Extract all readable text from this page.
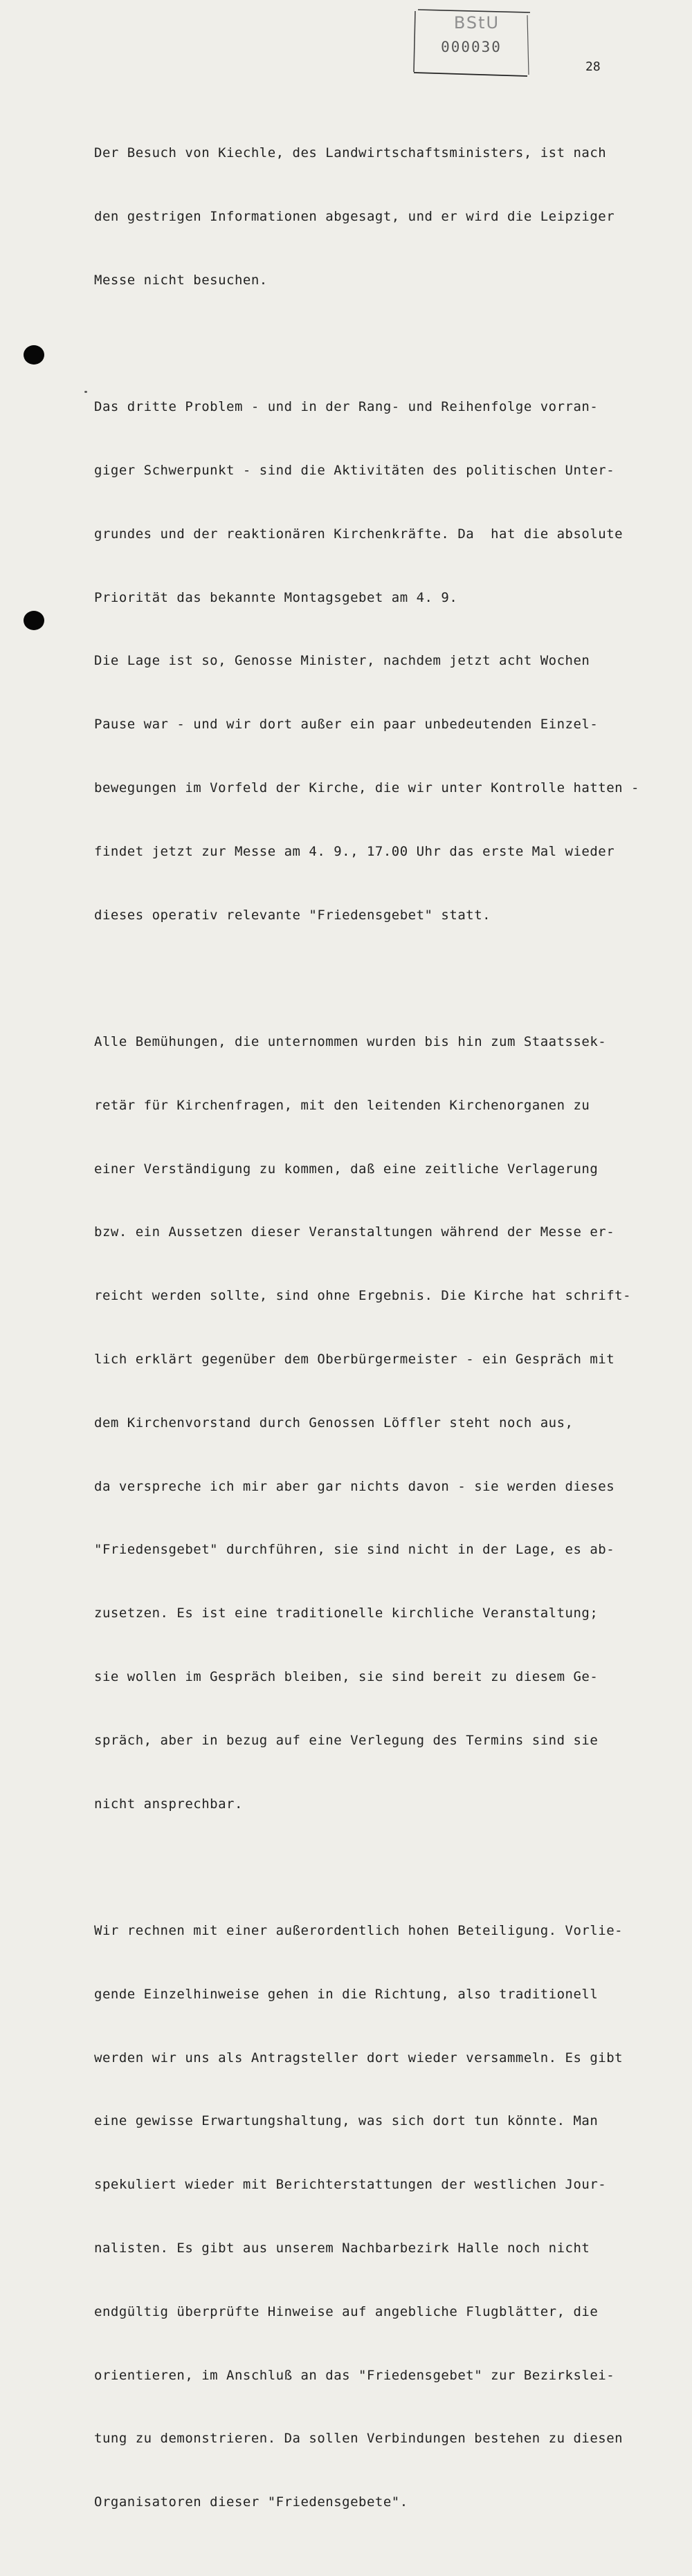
BStU
000030
28

Der Besuch von Kiechle, des Landwirtschaftsministers, ist nach

den gestrigen Informationen abgesagt, und er wird die Leipziger

Messe nicht besuchen.

Das dritte Problem - und in der Rang- und Reihenfolge vorran-

giger Schwerpunkt - sind die Aktivitäten des politischen Unter-

grundes und der reaktionären Kirchenkräfte. Da  hat die absolute

Priorität das bekannte Montagsgebet am 4. 9.

Die Lage ist so, Genosse Minister, nachdem jetzt acht Wochen

Pause war - und wir dort außer ein paar unbedeutenden Einzel-

bewegungen im Vorfeld der Kirche, die wir unter Kontrolle hatten -

findet jetzt zur Messe am 4. 9., 17.00 Uhr das erste Mal wieder

dieses operativ relevante "Friedensgebet" statt.

Alle Bemühungen, die unternommen wurden bis hin zum Staatssek-

retär für Kirchenfragen, mit den leitenden Kirchenorganen zu

einer Verständigung zu kommen, daß eine zeitliche Verlagerung

bzw. ein Aussetzen dieser Veranstaltungen während der Messe er-

reicht werden sollte, sind ohne Ergebnis. Die Kirche hat schrift-

lich erklärt gegenüber dem Oberbürgermeister - ein Gespräch mit

dem Kirchenvorstand durch Genossen Löffler steht noch aus,

da verspreche ich mir aber gar nichts davon - sie werden dieses

"Friedensgebet" durchführen, sie sind nicht in der Lage, es ab-

zusetzen. Es ist eine traditionelle kirchliche Veranstaltung;

sie wollen im Gespräch bleiben, sie sind bereit zu diesem Ge-

spräch, aber in bezug auf eine Verlegung des Termins sind sie

nicht ansprechbar.

Wir rechnen mit einer außerordentlich hohen Beteiligung. Vorlie-

gende Einzelhinweise gehen in die Richtung, also traditionell

werden wir uns als Antragsteller dort wieder versammeln. Es gibt

eine gewisse Erwartungshaltung, was sich dort tun könnte. Man

spekuliert wieder mit Berichterstattungen der westlichen Jour-

nalisten. Es gibt aus unserem Nachbarbezirk Halle noch nicht

endgültig überprüfte Hinweise auf angebliche Flugblätter, die

orientieren, im Anschluß an das "Friedensgebet" zur Bezirkslei-

tung zu demonstrieren. Da sollen Verbindungen bestehen zu diesen

Organisatoren dieser "Friedensgebete".
